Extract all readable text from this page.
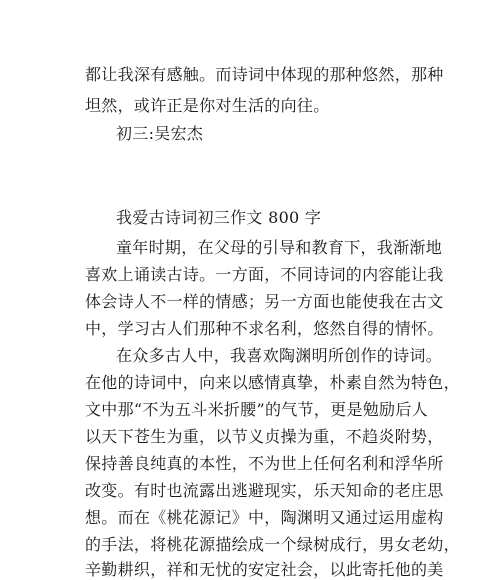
都让我深有感触。而诗词中体现的那种悠然，那种
坦然，或许正是你对生活的向往。
初三:吴宏杰
我爱古诗词初三作文 800 字
童年时期，在父母的引导和教育下，我渐渐地
喜欢上诵读古诗。一方面，不同诗词的内容能让我
体会诗人不一样的情感；另一方面也能使我在古文
中，学习古人们那种不求名利，悠然自得的情怀。
在众多古人中，我喜欢陶渊明所创作的诗词。
在他的诗词中，向来以感情真挚，朴素自然为特色，
文中那“不为五斗米折腰”的气节，更是勉励后人
以天下苍生为重，以节义贞操为重，不趋炎附势，
保持善良纯真的本性，不为世上任何名利和浮华所
改变。有时也流露出逃避现实，乐天知命的老庄思
想。而在《桃花源记》中，陶渊明又通过运用虚构
的手法，将桃花源描绘成一个绿树成行，男女老幼，
辛勤耕织，祥和无忧的安定社会，以此寄托他的美
